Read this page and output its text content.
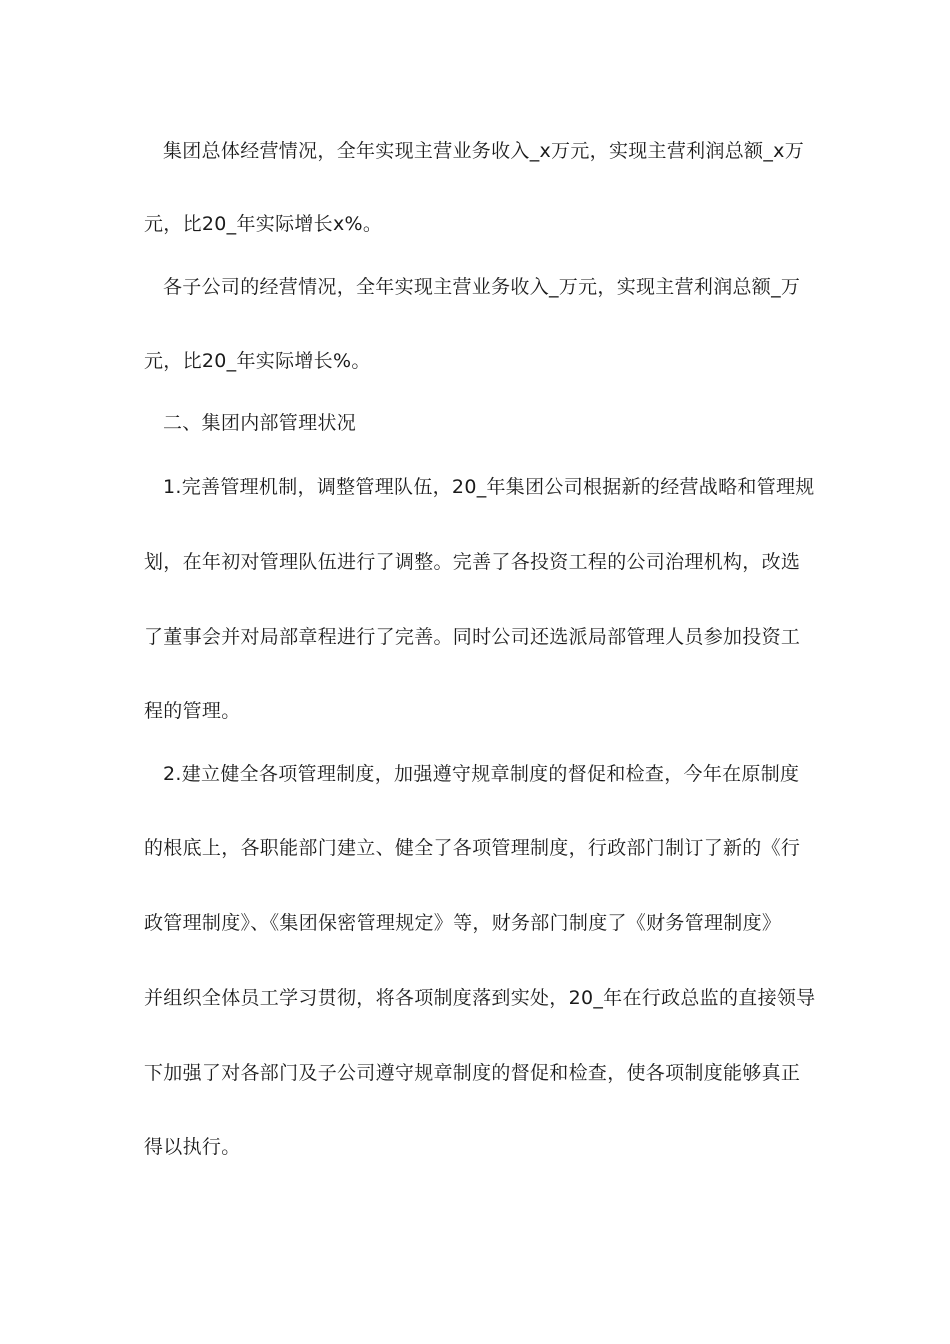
集团总体经营情况，全年实现主营业务收入_x万元，实现主营利润总额_x万
元，比20_年实际增长x%。
各子公司的经营情况，全年实现主营业务收入_万元，实现主营利润总额_万
元，比20_年实际增长%。
二、集团内部管理状况
1.完善管理机制，调整管理队伍，20_年集团公司根据新的经营战略和管理规
划，在年初对管理队伍进行了调整。完善了各投资工程的公司治理机构，改选
了董事会并对局部章程进行了完善。同时公司还选派局部管理人员参加投资工
程的管理。
2.建立健全各项管理制度，加强遵守规章制度的督促和检查，今年在原制度
的根底上，各职能部门建立、健全了各项管理制度，行政部门制订了新的《行
政管理制度》、《集团保密管理规定》等，财务部门制度了《财务管理制度》
并组织全体员工学习贯彻，将各项制度落到实处，20_年在行政总监的直接领导
下加强了对各部门及子公司遵守规章制度的督促和检查，使各项制度能够真正
得以执行。
